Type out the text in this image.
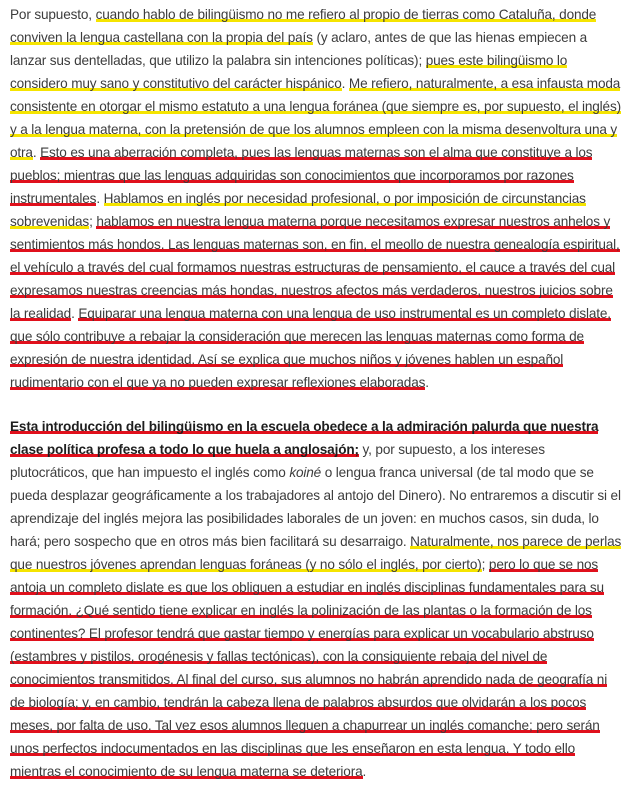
Por supuesto, cuando hablo de bilingüismo no me refiero al propio de tierras como Cataluña, donde conviven la lengua castellana con la propia del país (y aclaro, antes de que las hienas empiecen a lanzar sus dentelladas, que utilizo la palabra sin intenciones políticas); pues este bilingüismo lo considero muy sano y constitutivo del carácter hispánico. Me refiero, naturalmente, a esa infausta moda consistente en otorgar el mismo estatuto a una lengua foránea (que siempre es, por supuesto, el inglés) y a la lengua materna, con la pretensión de que los alumnos empleen con la misma desenvoltura una y otra. Esto es una aberración completa, pues las lenguas maternas son el alma que constituye a los pueblos; mientras que las lenguas adquiridas son conocimientos que incorporamos por razones instrumentales. Hablamos en inglés por necesidad profesional, o por imposición de circunstancias sobrevenidas; hablamos en nuestra lengua materna porque necesitamos expresar nuestros anhelos y sentimientos más hondos. Las lenguas maternas son, en fin, el meollo de nuestra genealogía espiritual, el vehículo a través del cual formamos nuestras estructuras de pensamiento, el cauce a través del cual expresamos nuestras creencias más hondas, nuestros afectos más verdaderos, nuestros juicios sobre la realidad. Equiparar una lengua materna con una lengua de uso instrumental es un completo dislate, que sólo contribuye a rebajar la consideración que merecen las lenguas maternas como forma de expresión de nuestra identidad. Así se explica que muchos niños y jóvenes hablen un español rudimentario con el que ya no pueden expresar reflexiones elaboradas.
Esta introducción del bilingüismo en la escuela obedece a la admiración palurda que nuestra clase política profesa a todo lo que huela a anglosajón; y, por supuesto, a los intereses plutocráticos, que han impuesto el inglés como koiné o lengua franca universal (de tal modo que se pueda desplazar geográficamente a los trabajadores al antojo del Dinero). No entraremos a discutir si el aprendizaje del inglés mejora las posibilidades laborales de un joven: en muchos casos, sin duda, lo hará; pero sospecho que en otros más bien facilitará su desarraigo. Naturalmente, nos parece de perlas que nuestros jóvenes aprendan lenguas foráneas (y no sólo el inglés, por cierto); pero lo que se nos antoja un completo dislate es que los obliguen a estudiar en inglés disciplinas fundamentales para su formación. ¿Qué sentido tiene explicar en inglés la polinización de las plantas o la formación de los continentes? El profesor tendrá que gastar tiempo y energías para explicar un vocabulario abstruso (estambres y pistilos, orogénesis y fallas tectónicas), con la consiguiente rebaja del nivel de conocimientos transmitidos. Al final del curso, sus alumnos no habrán aprendido nada de geografía ni de biología; y, en cambio, tendrán la cabeza llena de palabros absurdos que olvidarán a los pocos meses, por falta de uso. Tal vez esos alumnos lleguen a chapurrear un inglés comanche; pero serán unos perfectos indocumentados en las disciplinas que les enseñaron en esta lengua. Y todo ello mientras el conocimiento de su lengua materna se deteriora.
